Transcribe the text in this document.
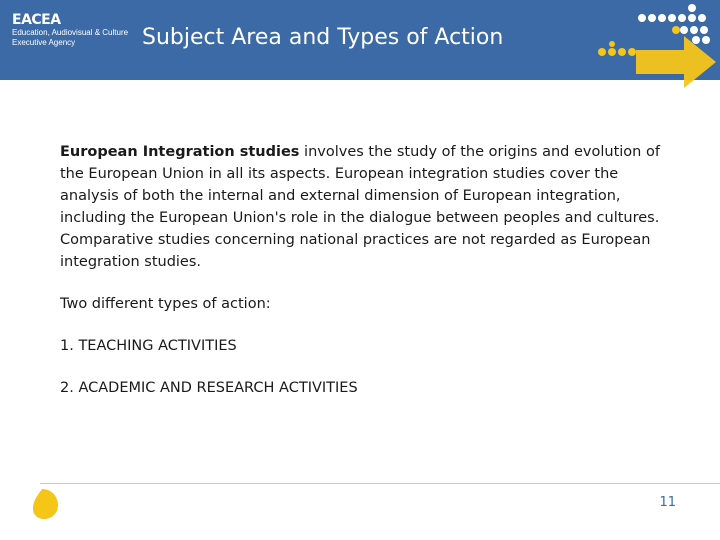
EACEA
Education, Audiovisual & Culture
Executive Agency	Subject Area and Types of Action

European Integration studies involves the study of the origins and evolution of the European Union in all its aspects. European integration studies cover the analysis of both the internal and external dimension of European integration, including the European Union's role in the dialogue between peoples and cultures. Comparative studies concerning national practices are not regarded as European integration studies.

Two different types of action:

1. TEACHING ACTIVITIES

2. ACADEMIC AND RESEARCH ACTIVITIES

11
